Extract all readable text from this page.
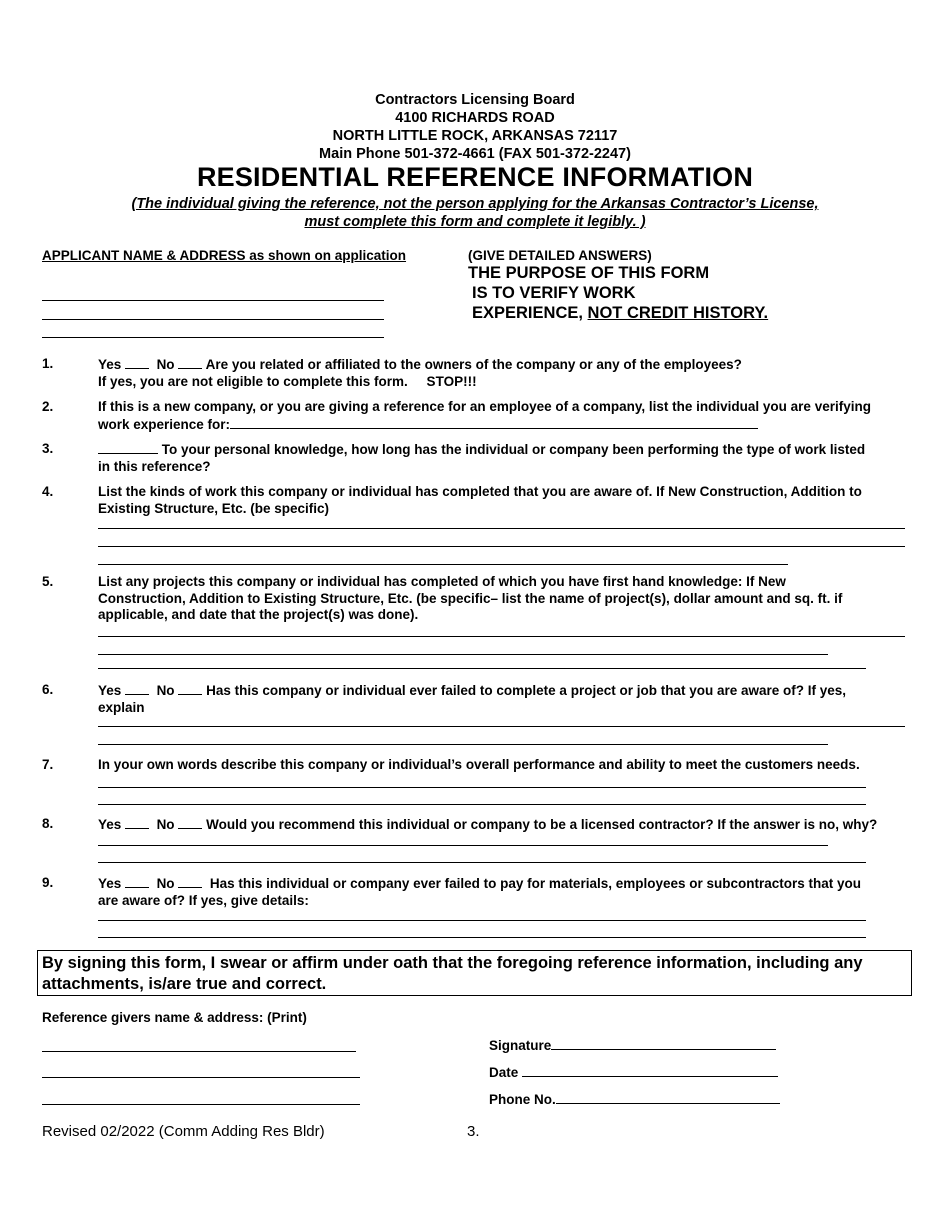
Contractors Licensing Board
4100 RICHARDS ROAD
NORTH LITTLE ROCK, ARKANSAS 72117
Main Phone 501-372-4661 (FAX 501-372-2247)
RESIDENTIAL REFERENCE INFORMATION
(The individual giving the reference, not the person applying for the Arkansas Contractor’s License,
must complete this form and complete it legibly. )
APPLICANT NAME & ADDRESS as shown on application	(GIVE DETAILED ANSWERS)
THE PURPOSE OF THIS FORM
IS TO VERIFY WORK
EXPERIENCE, NOT CREDIT HISTORY.
1.	Yes	No Are you related or affiliated to the owners of the company or any of the employees?
If yes, you are not eligible to complete this form.     STOP!!!
2.	If this is a new company, or you are giving a reference for an employee of a company, list the individual you are verifying
work experience for:
3.	To your personal knowledge, how long has the individual or company been performing the type of work listed
in this reference?
4.	List the kinds of work this company or individual has completed that you are aware of. If New Construction, Addition to
Existing Structure, Etc. (be specific)
5.	List any projects this company or individual has completed of which you have first hand knowledge: If New
Construction, Addition to Existing Structure, Etc. (be specific– list the name of project(s), dollar amount and sq. ft. if
applicable, and date that the project(s) was done).
6.	Yes	No Has this company or individual ever failed to complete a project or job that you are aware of? If yes,
explain
7.	In your own words describe this company or individual’s overall performance and ability to meet the customers needs.
8.	Yes	No Would you recommend this individual or company to be a licensed contractor? If the answer is no, why?
9.	Yes	No	Has this individual or company ever failed to pay for materials, employees or subcontractors that you
are aware of? If yes, give details:
By signing this form, I swear or affirm under oath that the foregoing reference information, including any attachments, is/are true and correct.
Reference givers name & address: (Print)
Signature
Date
Phone No.
Revised 02/2022 (Comm Adding Res Bldr)	3.
